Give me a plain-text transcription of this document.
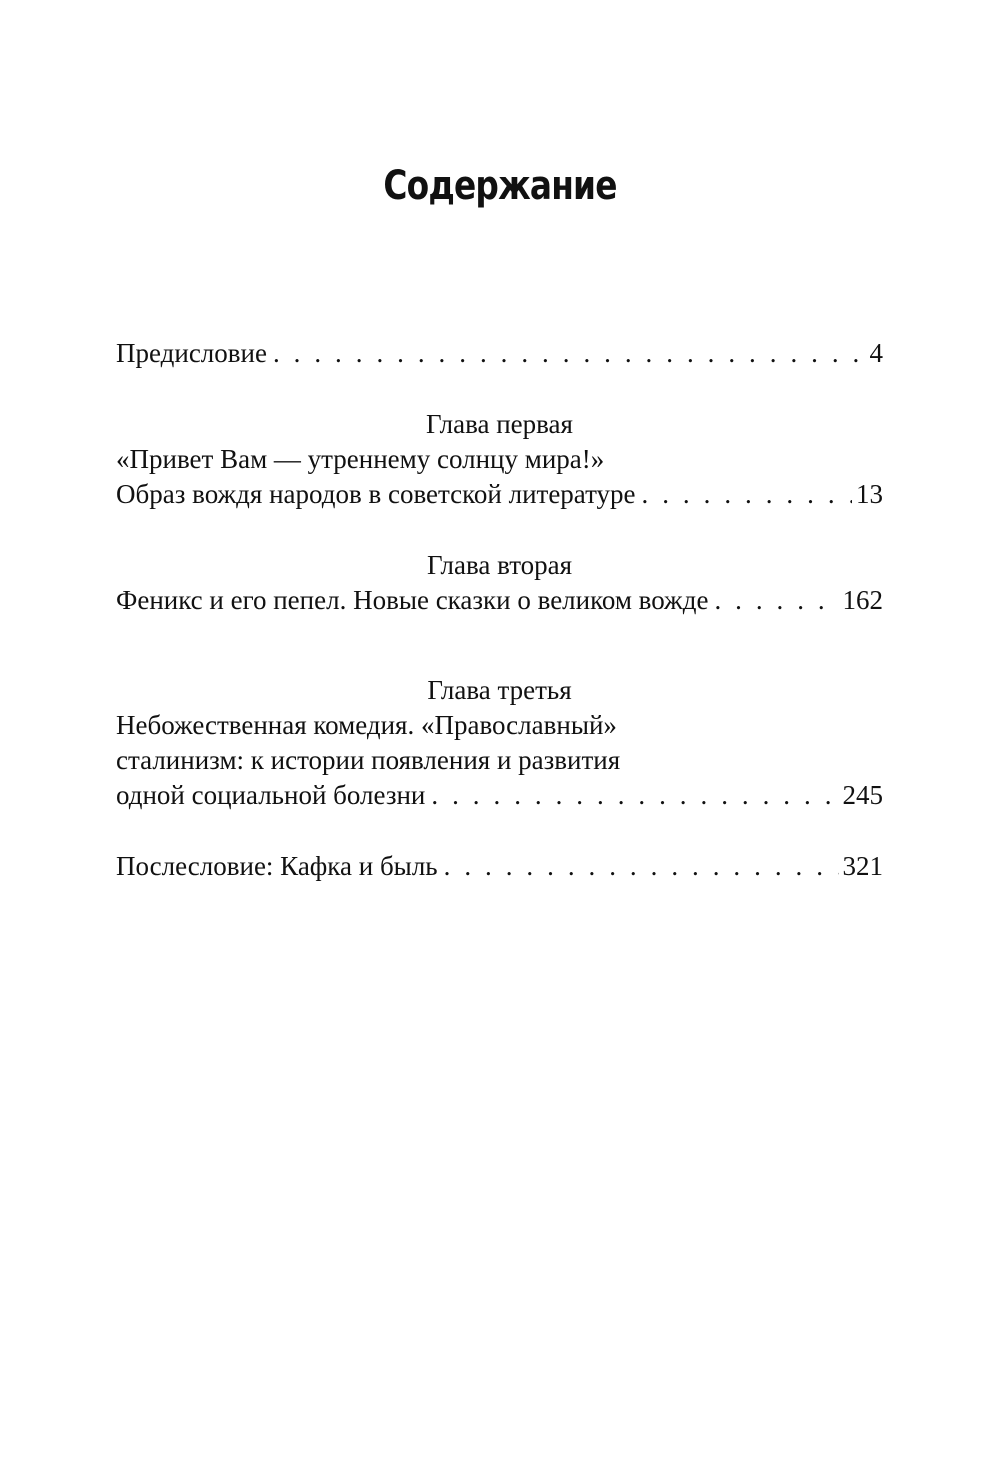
Содержание
Предисловие . . .	4
Глава первая
«Привет Вам — утреннему солнцу мира!»
Образ вождя народов в советской литературе . . .	13
Глава вторая
Феникс и его пепел. Новые сказки о великом вожде . . .	162
Глава третья
Небожественная комедия. «Православный»
сталинизм: к истории появления и развития
одной социальной болезни . . .	245
Послесловие: Кафка и быль . . .	321
